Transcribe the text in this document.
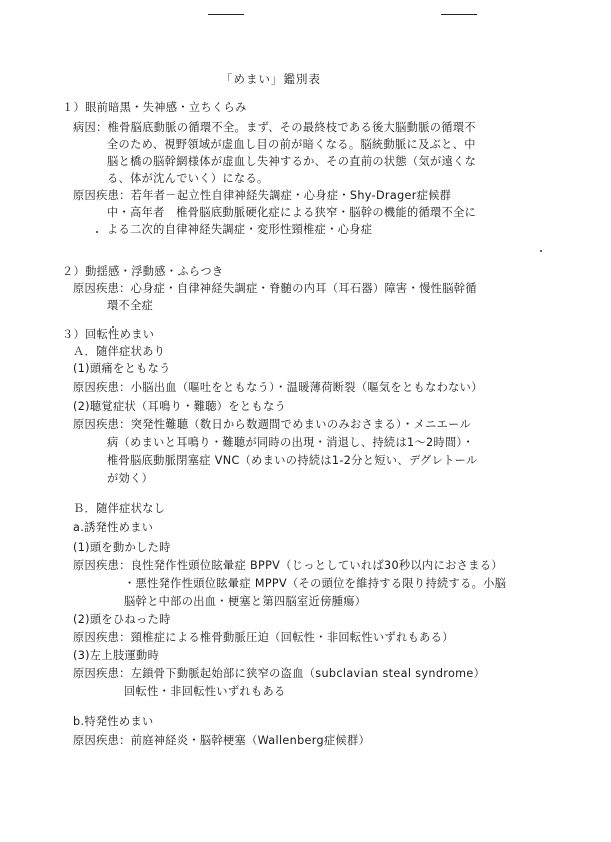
「めまい」鑑別表
１）眼前暗黒・失神感・立ちくらみ
病因：椎骨脳底動脈の循環不全。まず、その最終枝である後大脳動脈の循環不
全のため、視野領域が虚血し目の前が暗くなる。脳統動脈に及ぶと、中
脳と橋の脳幹網様体が虚血し失神するか、その直前の状態（気が遠くな
る、体が沈んでいく）になる。
原因疾患：若年者－起立性自律神経失調症・心身症・Shy-Drager症候群
中・高年者　椎骨脳底動脈硬化症による狭窄・脳幹の機能的循環不全に
よる二次的自律神経失調症・変形性頸椎症・心身症
２）動揺感・浮動感・ふらつき
原因疾患：心身症・自律神経失調症・脊髄の内耳（耳石器）障害・慢性脳幹循
環不全症
３）回転性めまい
Ａ．随伴症状あり
(1)頭痛をともなう
原因疾患：小脳出血（嘔吐をともなう）・温暖薄荷断裂（嘔気をともなわない）
(2)聴覚症状（耳鳴り・難聴）をともなう
原因疾患：突発性難聴（数日から数週間でめまいのみおさまる）・メニエール
病（めまいと耳鳴り・難聴が同時の出現・消退し、持続は1～2時間）・
椎骨脳底動脈閉塞症 VNC（めまいの持続は1-2分と短い、デグレトール
が効く）
Ｂ．随伴症状なし
a.誘発性めまい
(1)頭を動かした時
原因疾患：良性発作性頭位眩暈症 BPPV（じっとしていれば30秒以内におさまる）
・悪性発作性頭位眩暈症 MPPV（その頭位を維持する限り持続する。小脳
脳幹と中部の出血・梗塞と第四脳室近傍腫瘍）
(2)頭をひねった時
原因疾患：頸椎症による椎骨動脈圧迫（回転性・非回転性いずれもある）
(3)左上肢運動時
原因疾患：左鎖骨下動脈起始部に狭窄の盗血（subclavian steal syndrome）
回転性・非回転性いずれもある
b.特発性めまい
原因疾患：前庭神経炎・脳幹梗塞（Wallenberg症候群）
